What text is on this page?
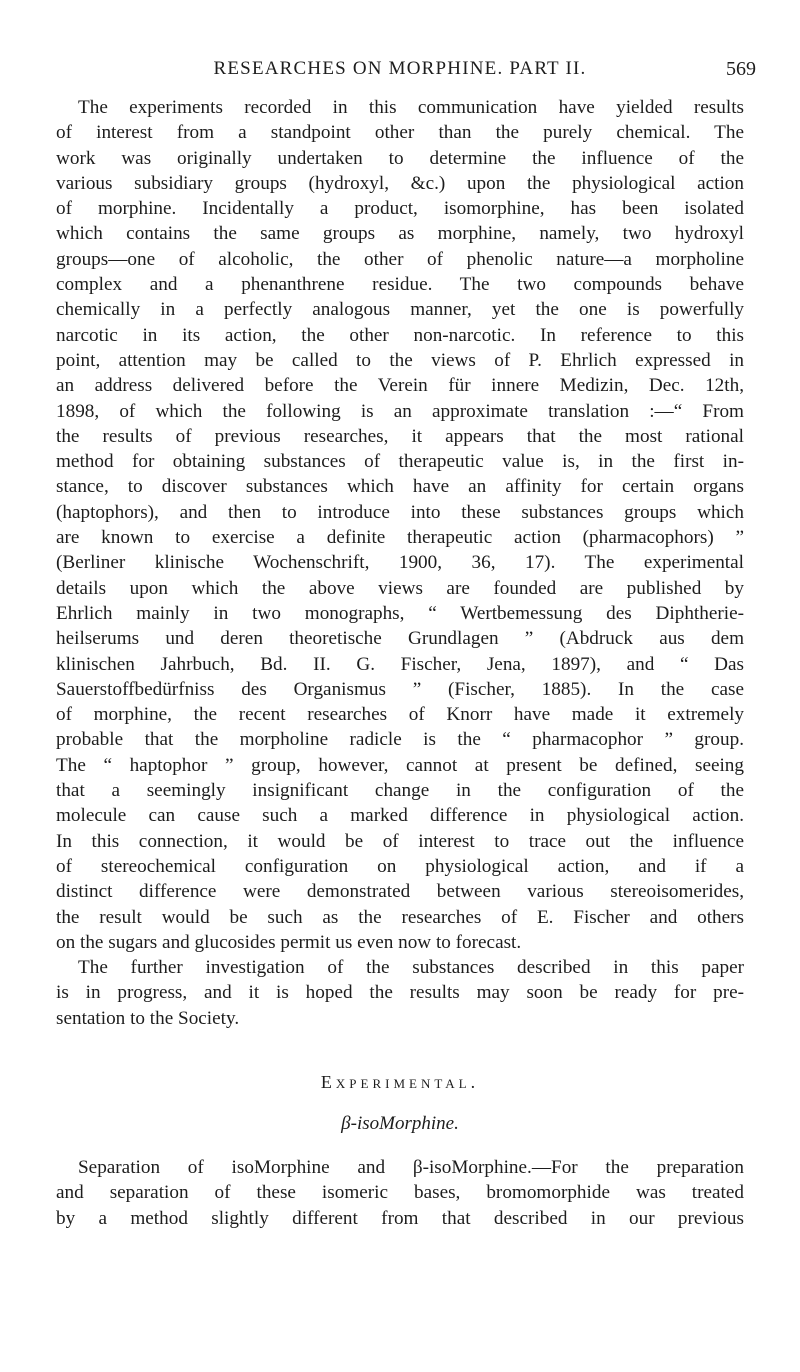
RESEARCHES ON MORPHINE. PART II.	569
The experiments recorded in this communication have yielded results
of interest from a standpoint other than the purely chemical. The
work was originally undertaken to determine the influence of the
various subsidiary groups (hydroxyl, &c.) upon the physiological action
of morphine. Incidentally a product, isomorphine, has been isolated
which contains the same groups as morphine, namely, two hydroxyl
groups—one of alcoholic, the other of phenolic nature—a morpholine
complex and a phenanthrene residue. The two compounds behave
chemically in a perfectly analogous manner, yet the one is powerfully
narcotic in its action, the other non-narcotic. In reference to this
point, attention may be called to the views of P. Ehrlich expressed in
an address delivered before the Verein für innere Medizin, Dec. 12th,
1898, of which the following is an approximate translation :—“ From
the results of previous researches, it appears that the most rational
method for obtaining substances of therapeutic value is, in the first in-
stance, to discover substances which have an affinity for certain organs
(haptophors), and then to introduce into these substances groups which
are known to exercise a definite therapeutic action (pharmacophors) ”
(Berliner klinische Wochenschrift, 1900, 36, 17). The experimental
details upon which the above views are founded are published by
Ehrlich mainly in two monographs, “ Wertbemessung des Diphtherie-
heilserums und deren theoretische Grundlagen ” (Abdruck aus dem
klinischen Jahrbuch, Bd. II. G. Fischer, Jena, 1897), and “ Das
Sauerstoffbedürfniss des Organismus ” (Fischer, 1885). In the case
of morphine, the recent researches of Knorr have made it extremely
probable that the morpholine radicle is the “ pharmacophor ” group.
The “ haptophor ” group, however, cannot at present be defined, seeing
that a seemingly insignificant change in the configuration of the
molecule can cause such a marked difference in physiological action.
In this connection, it would be of interest to trace out the influence
of stereochemical configuration on physiological action, and if a
distinct difference were demonstrated between various stereoisomerides,
the result would be such as the researches of E. Fischer and others
on the sugars and glucosides permit us even now to forecast.
The further investigation of the substances described in this paper
is in progress, and it is hoped the results may soon be ready for pre-
sentation to the Society.
Experimental.
β-isoMorphine.
Separation of isoMorphine and β-isoMorphine.—For the preparation
and separation of these isomeric bases, bromomorphide was treated
by a method slightly different from that described in our previous
